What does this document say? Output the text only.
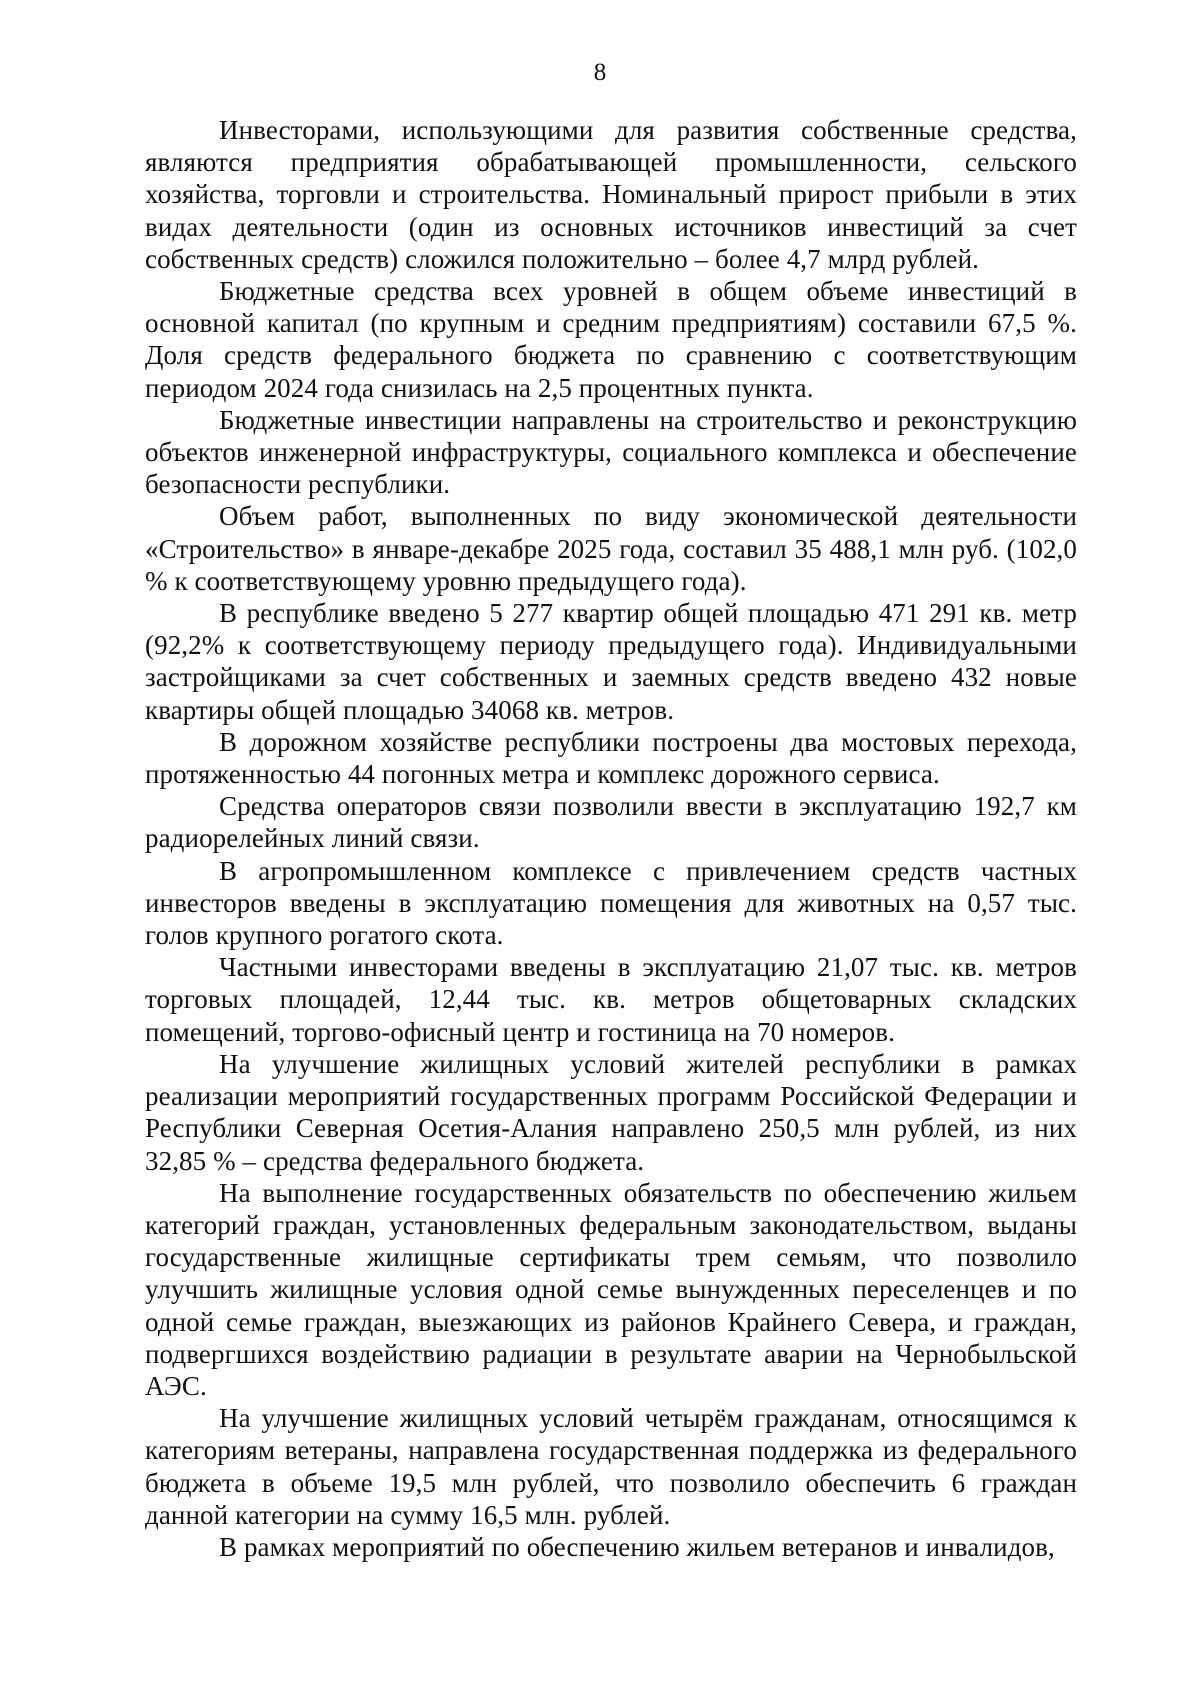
8

Инвесторами, использующими для развития собственные средства, являются предприятия обрабатывающей промышленности, сельского хозяйства, торговли и строительства. Номинальный прирост прибыли в этих видах деятельности (один из основных источников инвестиций за счет собственных средств) сложился положительно – более 4,7 млрд рублей.

Бюджетные средства всех уровней в общем объеме инвестиций в основной капитал (по крупным и средним предприятиям) составили 67,5 %. Доля средств федерального бюджета по сравнению с соответствующим периодом 2024 года снизилась на 2,5 процентных пункта.

Бюджетные инвестиции направлены на строительство и реконструкцию объектов инженерной инфраструктуры, социального комплекса и обеспечение безопасности республики.

Объем работ, выполненных по виду экономической деятельности «Строительство» в январе-декабре 2025 года, составил 35 488,1 млн руб. (102,0 % к соответствующему уровню предыдущего года).

В республике введено 5 277 квартир общей площадью 471 291 кв. метр (92,2% к соответствующему периоду предыдущего года). Индивидуальными застройщиками за счет собственных и заемных средств введено 432 новые квартиры общей площадью 34068 кв. метров.

В дорожном хозяйстве республики построены два мостовых перехода, протяженностью 44 погонных метра и комплекс дорожного сервиса.

Средства операторов связи позволили ввести в эксплуатацию 192,7 км радиорелейных линий связи.

В агропромышленном комплексе с привлечением средств частных инвесторов введены в эксплуатацию помещения для животных на 0,57 тыс. голов крупного рогатого скота.

Частными инвесторами введены в эксплуатацию 21,07 тыс. кв. метров торговых площадей, 12,44 тыс. кв. метров общетоварных складских помещений, торгово-офисный центр и гостиница на 70 номеров.

На улучшение жилищных условий жителей республики в рамках реализации мероприятий государственных программ Российской Федерации и Республики Северная Осетия-Алания направлено 250,5 млн рублей, из них 32,85 % – средства федерального бюджета.

На выполнение государственных обязательств по обеспечению жильем категорий граждан, установленных федеральным законодательством, выданы государственные жилищные сертификаты трем семьям, что позволило улучшить жилищные условия одной семье вынужденных переселенцев и по одной семье граждан, выезжающих из районов Крайнего Севера, и граждан, подвергшихся воздействию радиации в результате аварии на Чернобыльской АЭС.

На улучшение жилищных условий четырём гражданам, относящимся к категориям ветераны, направлена государственная поддержка из федерального бюджета в объеме 19,5 млн рублей, что позволило обеспечить 6 граждан данной категории на сумму 16,5 млн. рублей.

В рамках мероприятий по обеспечению жильем ветеранов и инвалидов,
